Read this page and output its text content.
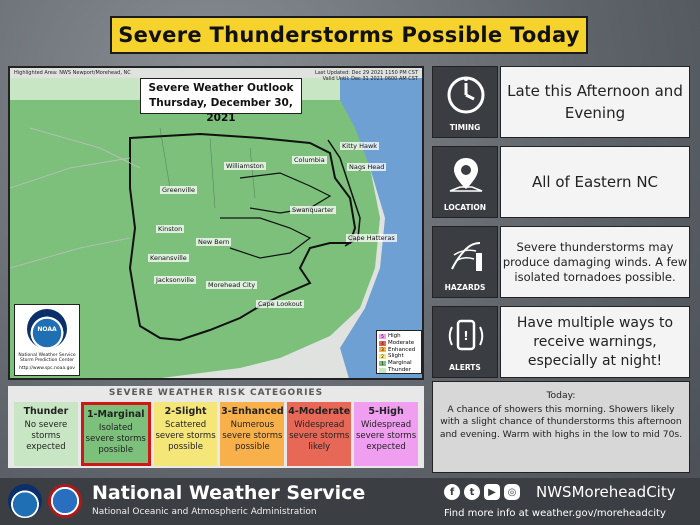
Severe Thunderstorms Possible Today
Highlighted Area: NWS Newport/Morehead, NC	Last Updated: Dec 29 2021 1150 PM CST
Valid Until: Dec 31 2021 0600 AM CST
Severe Weather Outlook
Thursday, December 30, 2021
Kitty Hawk
Nags Head
Columbia
Williamston
Greenville
Swanquarter
Kinston
New Bern	Cape Hatteras
Kenansville
Jacksonville
Morehead City
Cape Lookout
NOAA
National Weather Service
Storm Prediction Center
http://www.spc.noaa.gov
5 High
4 Moderate
3 Enhanced
2 Slight
1 Marginal
Thunder
SEVERE WEATHER RISK CATEGORIES
Thunder
No severe storms expected
1-Marginal
Isolated severe storms possible
2-Slight
Scattered severe storms possible
3-Enhanced
Numerous severe storms possible
4-Moderate
Widespread severe storms likely
5-High
Widespread severe storms expected
TIMING
Late this Afternoon and Evening
LOCATION
All of Eastern NC
HAZARDS
Severe thunderstorms may produce damaging winds. A few isolated tornadoes possible.
!
ALERTS
Have multiple ways to receive warnings, especially at night!
Today:
A chance of showers this morning. Showers likely with a slight chance of thunderstorms this afternoon and evening. Warm with highs in the low to mid 70s.
National Weather Service
National Oceanic and Atmospheric Administration
f	t	▶	◎ NWSMoreheadCity
Find more info at weather.gov/moreheadcity
